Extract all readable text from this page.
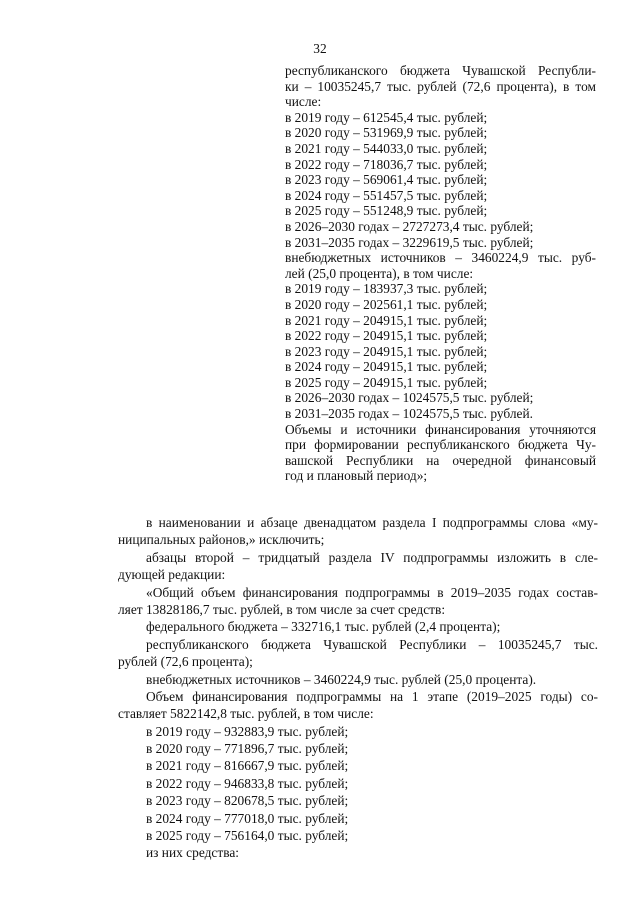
32
республиканского бюджета Чувашской Республи-
ки – 10035245,7 тыс. рублей (72,6 процента), в том
числе:
в 2019 году – 612545,4 тыс. рублей;
в 2020 году – 531969,9 тыс. рублей;
в 2021 году – 544033,0 тыс. рублей;
в 2022 году – 718036,7 тыс. рублей;
в 2023 году – 569061,4 тыс. рублей;
в 2024 году – 551457,5 тыс. рублей;
в 2025 году – 551248,9 тыс. рублей;
в 2026–2030 годах – 2727273,4 тыс. рублей;
в 2031–2035 годах – 3229619,5 тыс. рублей;
внебюджетных источников – 3460224,9 тыс. руб-
лей (25,0 процента), в том числе:
в 2019 году – 183937,3 тыс. рублей;
в 2020 году – 202561,1 тыс. рублей;
в 2021 году – 204915,1 тыс. рублей;
в 2022 году – 204915,1 тыс. рублей;
в 2023 году – 204915,1 тыс. рублей;
в 2024 году – 204915,1 тыс. рублей;
в 2025 году – 204915,1 тыс. рублей;
в 2026–2030 годах – 1024575,5 тыс. рублей;
в 2031–2035 годах – 1024575,5 тыс. рублей.
Объемы и источники финансирования уточняются
при формировании республиканского бюджета Чу-
вашской Республики на очередной финансовый
год и плановый период»;
в наименовании и абзаце двенадцатом раздела I подпрограммы слова «му-
ниципальных районов,» исключить;
абзацы второй – тридцатый раздела IV подпрограммы изложить в сле-
дующей редакции:
«Общий объем финансирования подпрограммы в 2019–2035 годах состав-
ляет 13828186,7 тыс. рублей, в том числе за счет средств:
федерального бюджета – 332716,1 тыс. рублей (2,4 процента);
республиканского бюджета Чувашской Республики – 10035245,7 тыс.
рублей (72,6 процента);
внебюджетных источников – 3460224,9 тыс. рублей (25,0 процента).
Объем финансирования подпрограммы на 1 этапе (2019–2025 годы) со-
ставляет 5822142,8 тыс. рублей, в том числе:
в 2019 году – 932883,9 тыс. рублей;
в 2020 году – 771896,7 тыс. рублей;
в 2021 году – 816667,9 тыс. рублей;
в 2022 году – 946833,8 тыс. рублей;
в 2023 году – 820678,5 тыс. рублей;
в 2024 году – 777018,0 тыс. рублей;
в 2025 году – 756164,0 тыс. рублей;
из них средства:
